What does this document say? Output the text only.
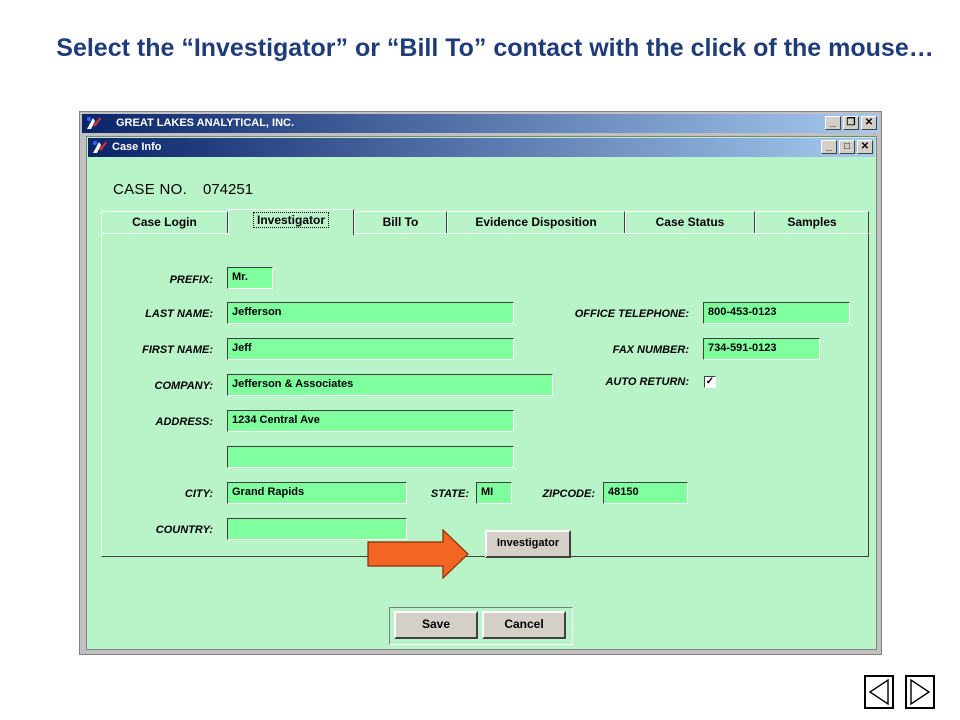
Select the “Investigator” or “Bill To” contact with the click of the mouse…
GREAT LAKES ANALYTICAL, INC.	_	❐ ✕
Case Info	_	□	✕
CASE NO. 074251
Case Login	Investigator	Bill To	Evidence Disposition	Case Status	Samples
PREFIX:	Mr.
LAST NAME:	Jefferson
FIRST NAME:	Jeff
COMPANY:	Jefferson & Associates
ADDRESS:	1234 Central Ave
CITY:	Grand Rapids	STATE:	MI	ZIPCODE:	48150
COUNTRY:
OFFICE TELEPHONE:	800-453-0123
FAX NUMBER:	734-591-0123
AUTO RETURN: ✓
Investigator
Save	Cancel
